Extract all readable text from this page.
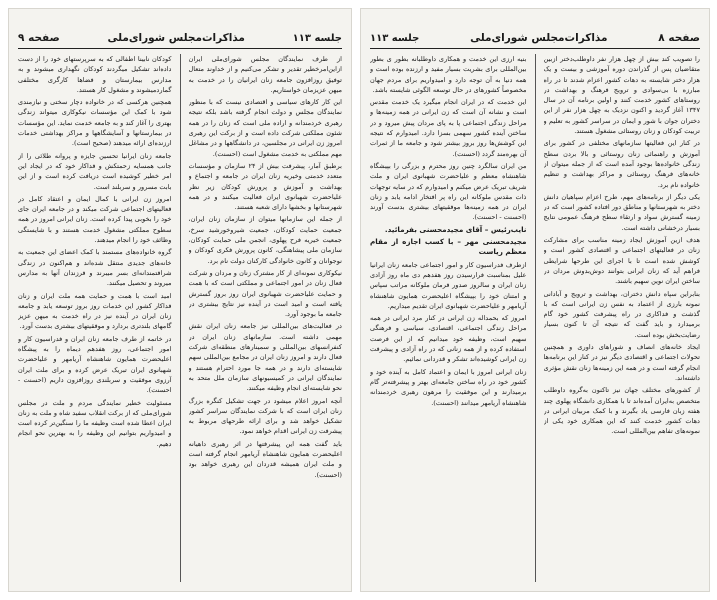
صفحه ۸
مذاکرات‌مجلس شورای‌ملی
جلسه ۱۱۳

را تصویب کند بیش از چهل هزار نفر داوطلب‌دختر ازبین متقاضیان پس از گذراندن دوره آموزشی و بیست و یک هزار دختر شایسته به دهات کشور اعزام شدند تا در راه مبارزه با بی‌سوادی و ترویج فرهنگ و بهداشت در روستاهای کشور خدمت کنند و اولین برنامه آن در سال ۱۳۴۷ آغاز گردید و اکنون نزدیک به چهل هزار نفر از این دختران جوان با شور و ایمان در سراسر کشور به تعلیم و تربیت کودکان و زنان روستائی مشغول هستند.

در کنار این فعالیتها سازمانهای مختلفی در کشور برای آموزش و راهنمائی زنان روستائی و بالا بردن سطح زندگی خانواده‌ها بوجود آمده است که از جمله میتوان از خانه‌های فرهنگ روستائی و مراکز بهداشت و تنظیم خانواده نام برد.

یکی دیگر از برنامه‌های مهم، طرح اعزام سپاهیان دانش دختر به شهرستانها و مناطق دور افتاده کشور است که در زمینه گسترش سواد و ارتقاء سطح فرهنگ عمومی نتایج بسیار درخشانی داشته است.

هدف ازین آموزش ایجاد زمینه مناسب برای مشارکت زنان در فعالیتهای اجتماعی و اقتصادی کشور است و کوشش شده است تا با اجرای این طرحها شرایطی فراهم آید که زنان ایرانی بتوانند دوش‌بدوش مردان در ساختن ایران نوین سهیم باشند.

بنابراین سپاه دانش دختران، بهداشت و ترویج و آبادانی نمونه بارزی از اعتماد به نفس زن ایرانی است که با گذشت و فداکاری در راه پیشرفت کشور خود گام برمیدارد و باید گفت که نتیجه آن تا کنون بسیار رضایت‌بخش بوده است.

ایجاد خانه‌های انصاف و شوراهای داوری و همچنین تحولات اجتماعی و اقتصادی دیگر نیز در کنار این برنامه‌ها انجام گرفته است و در همه این زمینه‌ها زنان نقش مؤثری داشته‌اند.

از کشورهای مختلف جهان نیز تاکنون به‌گروه داوطلب متخصص به‌ایران آمده‌اند تا با همکاری دانشگاه پهلوی چند هفته زبان فارسی یاد بگیرند و با کمک مربیان ایرانی در دهات کشور خدمت کنند که این همکاری خود یکی از نمونه‌های تفاهم بین‌المللی است.

بنیه ارزی این خدمت و همکاری داوطلبانه بطور ی بطور بین‌المللی برای بشریت بسیار مفید و ارزنده بوده است و همه دنیا به آن توجه دارد و امیدواریم برای مردم جهان مخصوصاً کشورهای در حال توسعه الگوئی شایسته باشد.

این خدمت که در ایران انجام میگیرد یک خدمت مقدس است و نشانه آن است که زن ایرانی در همه زمینه‌ها و مراحل زندگی اجتماعی پا به پای مردان پیش میرود و در ساختن آینده کشور سهمی بسزا دارد. امیدوارم که نتیجه این کوشش‌ها روز بروز بیشتر شود و جامعه ما از ثمرات آن بهره‌مند گردد (احسنت).

من ایران سالگرد چنین روز محترم و بزرگی را بپیشگاه شاهنشاه معظم و علیاحضرت شهبانوی ایران و ملت شریف تبریک عرض میکنم و امیدوارم که در سایه توجهات ذات مقدس ملوکانه این راه پر افتخار ادامه یابد و زنان ایران در همه زمینه‌ها موفقیتهای بیشتری بدست آورند (احسنت - احسنت).

نایب‌رئیس – آقای مجیدمحسنی بفرمائید.

مجیدمحسنی مهر – با کسب اجازه از مقام معظم ریاست

ازطرف فدراسیون کار و امور اجتماعی جامعه زنان ایرانیا علیل بمناسبت فرارسیدن روز هفدهم دی ماه روز آزادی زنان ایران و سالروز صدور فرمان ملوکانه مراتب سپاس و امتنان خود را بپیشگاه اعلیحضرت همایون شاهنشاه آریامهر و علیاحضرت شهبانوی ایران تقدیم میداریم.

امروز که بحمداله زن ایرانی در کنار مرد ایرانی در همه مراحل زندگی اجتماعی، اقتصادی، سیاسی و فرهنگی سهیم است، وظیفه خود میدانیم که از این فرصت استفاده کرده و از همه زنانی که در راه آزادی و پیشرفت زن ایرانی کوشیده‌اند تشکر و قدردانی نمائیم.

زنان ایرانی امروز با ایمان و اعتماد کامل به آینده خود و کشور خود در راه ساختن جامعه‌ای بهتر و پیشرفته‌تر گام برمیدارند و این موفقیت را مرهون رهبری خردمندانه شاهنشاه آریامهر میدانند (احسنت).

جلسه ۱۱۳
مذاکرات‌مجلس شورای‌ملی
صفحه ۹

از طرف نمایندگان مجلس شورای‌ملی ایران ازاین‌امرخطیر تقدیر و تشکر می‌کنیم و از خداوند متعال توفیق روزافزون جامعه زنان ایرانیان را در خدمت به میهن عزیزمان خواستاریم.

این کار کارهای سیاسی و اقتصادی نیست که با منظور نمایندگان مجلس و دولت انجام گرفته باشد بلکه نتیجه رهبری خردمندانه و اراده ملی است که زنان را در همه شئون مملکتی شرکت داده است و از برکت این رهبری امروز زن ایرانی در مجلسین، در دانشگاهها و در مشاغل مهم مملکتی به خدمت مشغول است (احسنت).

برطبق آمار، پیشرفت بیش از ۲۴ سازمان و مؤسسات متعدد خدمتی وخیریه زنان ایران در جامعه و اجتماع و بهداشت و آموزش و پرورش کودکان زیر نظر علیاحضرت شهبانوی ایران فعالیت میکنند و در همه شهرستانها و بخشها دارای شعبه هستند.

از جمله این سازمانها میتوان از سازمان زنان ایران، جمعیت حمایت کودکان، جمعیت شیروخورشید سرخ، جمعیت خیریه فرح پهلوی، انجمن ملی حمایت کودکان، سازمان ملی پیشاهنگی، کانون پرورش فکری کودکان و نوجوانان و کانون خانوادگی کارکنان دولت نام برد.

نیکوکاری نمونه‌ای از کار مشترک زنان و مردان و شرکت فعال زنان در امور اجتماعی و مملکتی است که با همت و حمایت علیاحضرت شهبانوی ایران روز بروز گسترش یافته است و امید است در آینده نیز نتایج بیشتری در جامعه ما بوجود آورد.

در فعالیت‌های بین‌المللی نیز جامعه زنان ایران نقش مهمی داشته است. سازمانهای زنان ایران در کنفرانسهای بین‌المللی و سمینارهای منطقه‌ای شرکت فعال دارند و امروز زنان ایران در مجامع بین‌المللی سهم شایسته‌ای دارند و در همه جا مورد احترام هستند و نمایندگان ایرانی در کمیسیونهای سازمان ملل متحد به نحو شایسته‌ای انجام وظیفه میکنند.

آنچه امروز اعلام میشود در جهت تشکیل کنگره بزرگ زنان ایران است که با شرکت نمایندگان سراسر کشور تشکیل خواهد شد و برای ارائه طرحهای مربوط به پیشرفت زن ایرانی اقدام خواهد نمود.

باید گفت همه این پیشرفتها در اثر رهبری داهیانه اعلیحضرت همایون شاهنشاه آریامهر انجام گرفته است و ملت ایران همیشه قدردان این رهبری خواهد بود (احسنت).

کودکان نابینا اطفالی که به سرپرستهای خود را از دست داده‌اند تشکیل میگردند کودکان نگهداری میشوند و به مدارس بیمارستان و فضاها کارگری مختلفی گماردمیشوند و مشغول کار هستند.

همچنین هرکسی که در خانواده دچار سختی و نیازمندی شود با کمک این مؤسسات نیکوکاری میتواند زندگی بهتری را آغاز کند و به جامعه خدمت نماید. این مؤسسات در بیمارستانها و آسایشگاهها و مراکز بهداشتی خدمات ارزنده‌ای ارائه میدهند (صحیح است).

جامعه زنان ایرانیا تحسین جایزه و پروانه طلائی را از جانب همسایه زحمتکش و فداکار خود که در ایجاد این امر خطیر کوشیده است دریافت کرده است و از این بابت مسرور و سربلند است.

امروز زن ایرانی با کمال ایمان و اعتقاد کامل در فعالیتهای اجتماعی شرکت میکند و در جامعه ایران جای خود را بخوبی پیدا کرده است. زنان ایرانی امروز در همه سطوح مملکتی مشغول خدمت هستند و با شایستگی وظائف خود را انجام میدهند.

گروه خانواده‌های مستمند با کمک اعضای این جمعیت به خانه‌های جدیدی منتقل شده‌اند و هم‌اکنون در زندگی شرافتمندانه‌ای بسر میبرند و فرزندان آنها به مدارس میروند و تحصیل میکنند.

امید است با همت و حمایت همه ملت ایران و زنان فداکار کشور این خدمات روز بروز توسعه یابد و جامعه زنان ایران در آینده نیز در راه خدمت به میهن عزیز گامهای بلندتری بردارد و موفقیتهای بیشتری بدست آورد.

در خاتمه از طرف جامعه زنان ایران و فدراسیون کار و امور اجتماعی، روز هفدهم دیماه را به پیشگاه اعلیحضرت همایون شاهنشاه آریامهر و علیاحضرت شهبانوی ایران تبریک عرض کرده و برای ملت ایران آرزوی موفقیت و سربلندی روزافزون داریم (احسنت - احسنت).

مسئولیت خطیر نمایندگی مردم و ملت در مجلس شورای‌ملی که از برکت انقلاب سفید شاه و ملت به زنان ایران اعطا شده است وظیفه ما را سنگین‌تر کرده است و امیدواریم بتوانیم این وظیفه را به بهترین نحو انجام دهیم.
